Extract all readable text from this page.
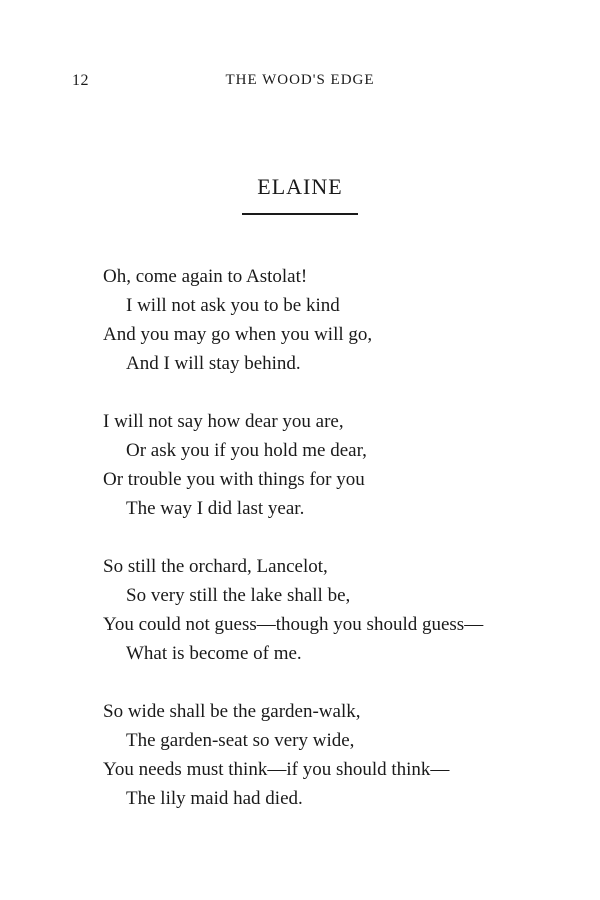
12	THE WOOD'S EDGE
ELAINE
Oh, come again to Astolat!
I will not ask you to be kind
And you may go when you will go,
And I will stay behind.
I will not say how dear you are,
Or ask you if you hold me dear,
Or trouble you with things for you
The way I did last year.
So still the orchard, Lancelot,
So very still the lake shall be,
You could not guess—though you should guess—
What is become of me.
So wide shall be the garden-walk,
The garden-seat so very wide,
You needs must think—if you should think—
The lily maid had died.
